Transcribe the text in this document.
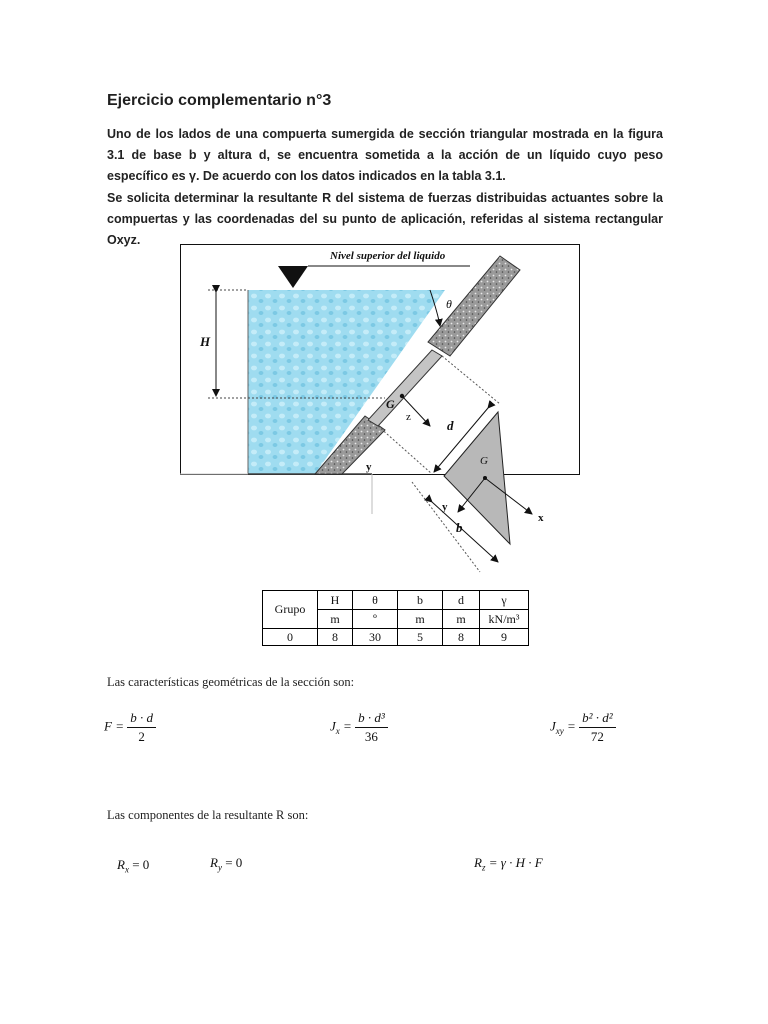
Ejercicio complementario n°3
Uno de los lados de una compuerta sumergida de sección triangular mostrada en la figura 3.1 de base b y altura d, se encuentra sometida a la acción de un líquido cuyo peso específico es γ. De acuerdo con los datos indicados en la tabla 3.1.
Se solicita determinar la resultante R del sistema de fuerzas distribuidas actuantes sobre la compuertas y las coordenadas del su punto de aplicación, referidas al sistema rectangular Oxyz.
Nivel superior del liquido
H
θ
G
z
y
d
G
x
y
b
Grupo	H	θ	b	d	γ
	m	º	m	m	kN/m³
0	8	30	5	8	9
Las características geométricas de la sección son:
$F = \frac{b \cdot d}{2}$	$J_x = \frac{\text{b · d³}}{36}$	$J_{xy} = \frac{\text{b² · d²}}{72}$
Las componentes de la resultante R son:
$R_x = 0$	$R_y = 0$	$R_z = \gamma \cdot H \cdot F$
